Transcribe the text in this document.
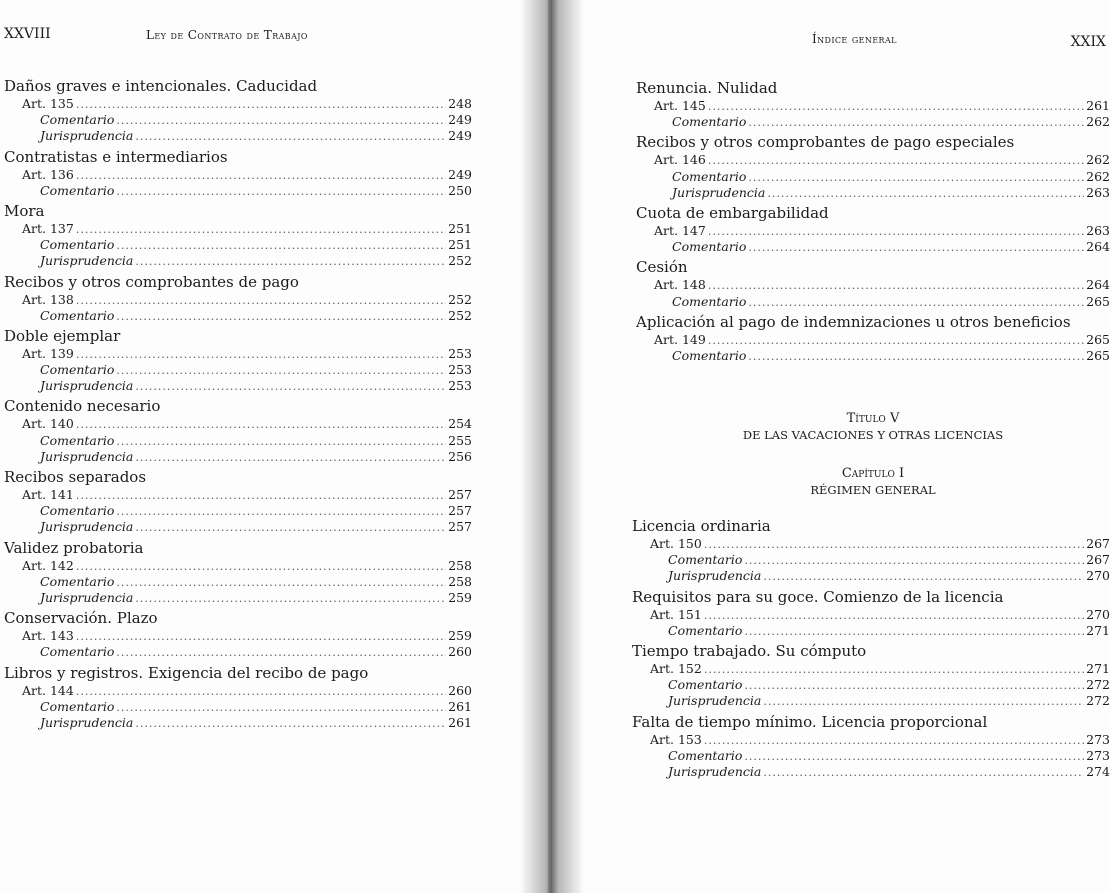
XXVIII	Ley de Contrato de Trabajo
Daños graves e intencionales. Caducidad
Art. 135 .....	248
Comentario .....	249
Jurisprudencia .....	249
Contratistas e intermediarios
Art. 136 .....	249
Comentario .....	250
Mora
Art. 137 .....	251
Comentario .....	251
Jurisprudencia .....	252
Recibos y otros comprobantes de pago
Art. 138 .....	252
Comentario .....	252
Doble ejemplar
Art. 139 .....	253
Comentario .....	253
Jurisprudencia .....	253
Contenido necesario
Art. 140 .....	254
Comentario .....	255
Jurisprudencia .....	256
Recibos separados
Art. 141 .....	257
Comentario .....	257
Jurisprudencia .....	257
Validez probatoria
Art. 142 .....	258
Comentario .....	258
Jurisprudencia .....	259
Conservación. Plazo
Art. 143 .....	259
Comentario .....	260
Libros y registros. Exigencia del recibo de pago
Art. 144 .....	260
Comentario .....	261
Jurisprudencia .....	261
Índice general	XXIX
Renuncia. Nulidad
Art. 145 .....	261
Comentario .....	262
Recibos y otros comprobantes de pago especiales
Art. 146 .....	262
Comentario .....	262
Jurisprudencia .....	263
Cuota de embargabilidad
Art. 147 .....	263
Comentario .....	264
Cesión
Art. 148 .....	264
Comentario .....	265
Aplicación al pago de indemnizaciones u otros beneficios
Art. 149 .....	265
Comentario .....	265
Título V
DE LAS VACACIONES Y OTRAS LICENCIAS
Capítulo I
RÉGIMEN GENERAL
Licencia ordinaria
Art. 150 .....	267
Comentario .....	267
Jurisprudencia .....	270
Requisitos para su goce. Comienzo de la licencia
Art. 151 .....	270
Comentario .....	271
Tiempo trabajado. Su cómputo
Art. 152 .....	271
Comentario .....	272
Jurisprudencia .....	272
Falta de tiempo mínimo. Licencia proporcional
Art. 153 .....	273
Comentario .....	273
Jurisprudencia .....	274
